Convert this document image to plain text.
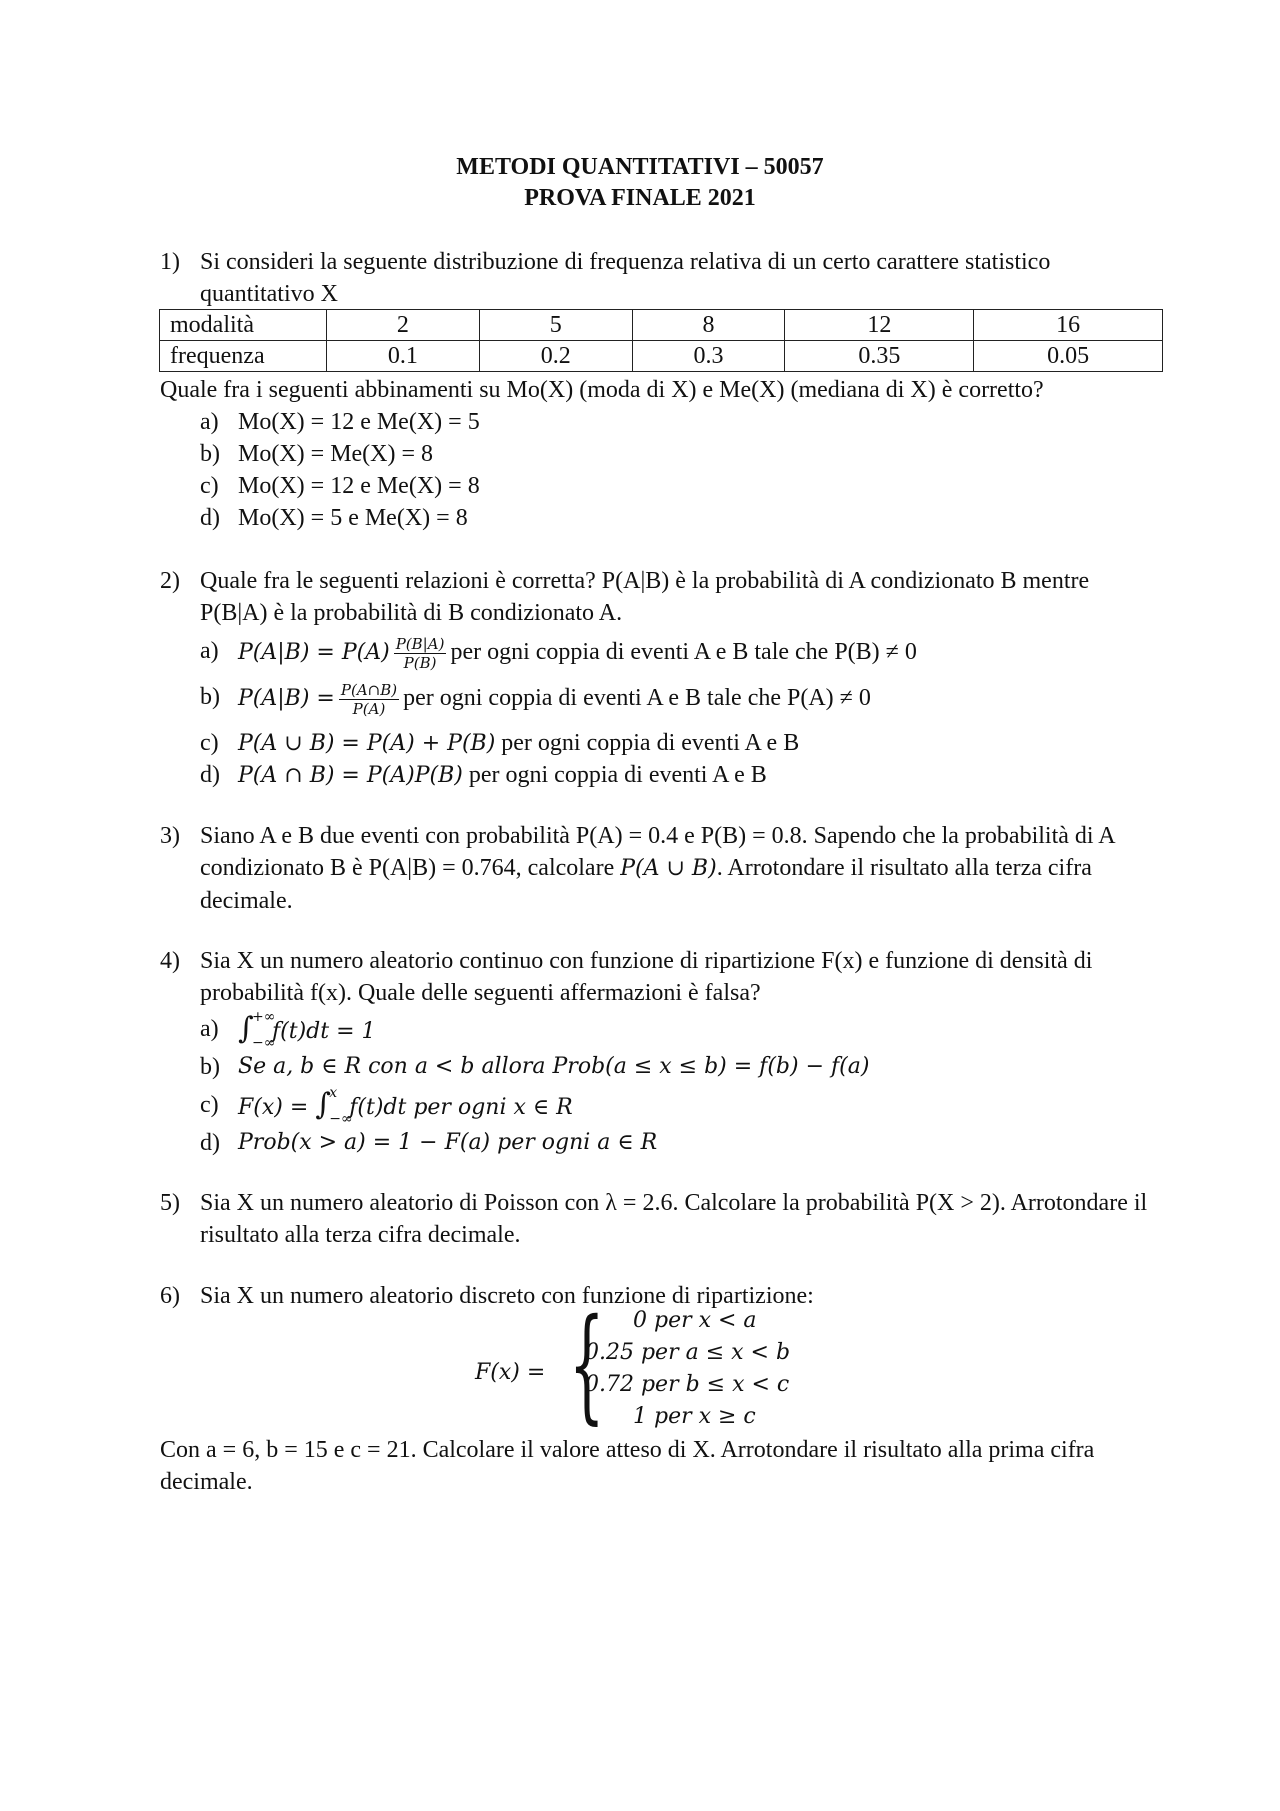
METODI QUANTITATIVI – 50057
PROVA FINALE 2021
1) Si consideri la seguente distribuzione di frequenza relativa di un certo carattere statistico quantitativo X
modalità	2	5	8	12	16
frequenza	0.1	0.2	0.3	0.35	0.05
Quale fra i seguenti abbinamenti su Mo(X) (moda di X) e Me(X) (mediana di X) è corretto?
a) Mo(X) = 12 e Me(X) = 5
b) Mo(X) = Me(X) = 8
c) Mo(X) = 12 e Me(X) = 8
d) Mo(X) = 5 e Me(X) = 8
2) Quale fra le seguenti relazioni è corretta? P(A|B) è la probabilità di A condizionato B mentre P(B|A) è la probabilità di B condizionato A.
a) $P(A|B) = P(A) \frac{P(B|A)}{P(B)}$ per ogni coppia di eventi A e B tale che P(B) ≠ 0
b) $P(A|B) = \frac{P(A\cap B)}{P(A)}$ per ogni coppia di eventi A e B tale che P(A) ≠ 0
c) P(A ∪ B) = P(A) + P(B) per ogni coppia di eventi A e B
d) P(A ∩ B) = P(A)P(B) per ogni coppia di eventi A e B
3) Siano A e B due eventi con probabilità P(A) = 0.4 e P(B) = 0.8. Sapendo che la probabilità di A condizionato B è P(A|B) = 0.764, calcolare P(A ∪ B). Arrotondare il risultato alla terza cifra decimale.
4) Sia X un numero aleatorio continuo con funzione di ripartizione F(x) e funzione di densità di probabilità f(x). Quale delle seguenti affermazioni è falsa?
a) ∫
+∞
−∞
f(t)dt = 1
b) Se a, b ∈ R con a < b allora Prob(a ≤ x ≤ b) = f(b) − f(a)
c) F(x) = ∫
x
−∞
f(t)dt per ogni x ∈ R
d) Prob(x > a) = 1 − F(a) per ogni a ∈ R
5) Sia X un numero aleatorio di Poisson con λ = 2.6. Calcolare la probabilità P(X > 2). Arrotondare il risultato alla terza cifra decimale.
6) Sia X un numero aleatorio discreto con funzione di ripartizione:
F(x) = { 0 per x < a
0.25 per a ≤ x < b
0.72 per b ≤ x < c
1 per x ≥ c
Con a = 6, b = 15 e c = 21. Calcolare il valore atteso di X. Arrotondare il risultato alla prima cifra decimale.
